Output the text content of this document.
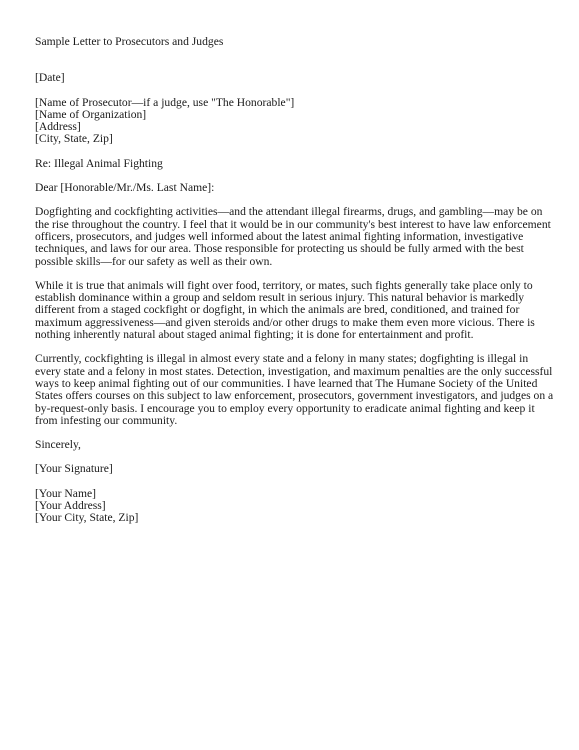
Sample Letter to Prosecutors and Judges
[Date]
[Name of Prosecutor—if a judge, use "The Honorable"]
[Name of Organization]
[Address]
[City, State, Zip]
Re: Illegal Animal Fighting
Dear [Honorable/Mr./Ms. Last Name]:
Dogfighting and cockfighting activities—and the attendant illegal firearms, drugs, and gambling—may be on
the rise throughout the country. I feel that it would be in our community's best interest to have law enforcement
officers, prosecutors, and judges well informed about the latest animal fighting information, investigative
techniques, and laws for our area. Those responsible for protecting us should be fully armed with the best
possible skills—for our safety as well as their own.
While it is true that animals will fight over food, territory, or mates, such fights generally take place only to
establish dominance within a group and seldom result in serious injury. This natural behavior is markedly
different from a staged cockfight or dogfight, in which the animals are bred, conditioned, and trained for
maximum aggressiveness—and given steroids and/or other drugs to make them even more vicious. There is
nothing inherently natural about staged animal fighting; it is done for entertainment and profit.
Currently, cockfighting is illegal in almost every state and a felony in many states; dogfighting is illegal in
every state and a felony in most states. Detection, investigation, and maximum penalties are the only successful
ways to keep animal fighting out of our communities. I have learned that The Humane Society of the United
States offers courses on this subject to law enforcement, prosecutors, government investigators, and judges on a
by-request-only basis. I encourage you to employ every opportunity to eradicate animal fighting and keep it
from infesting our community.
Sincerely,
[Your Signature]
[Your Name]
[Your Address]
[Your City, State, Zip]
